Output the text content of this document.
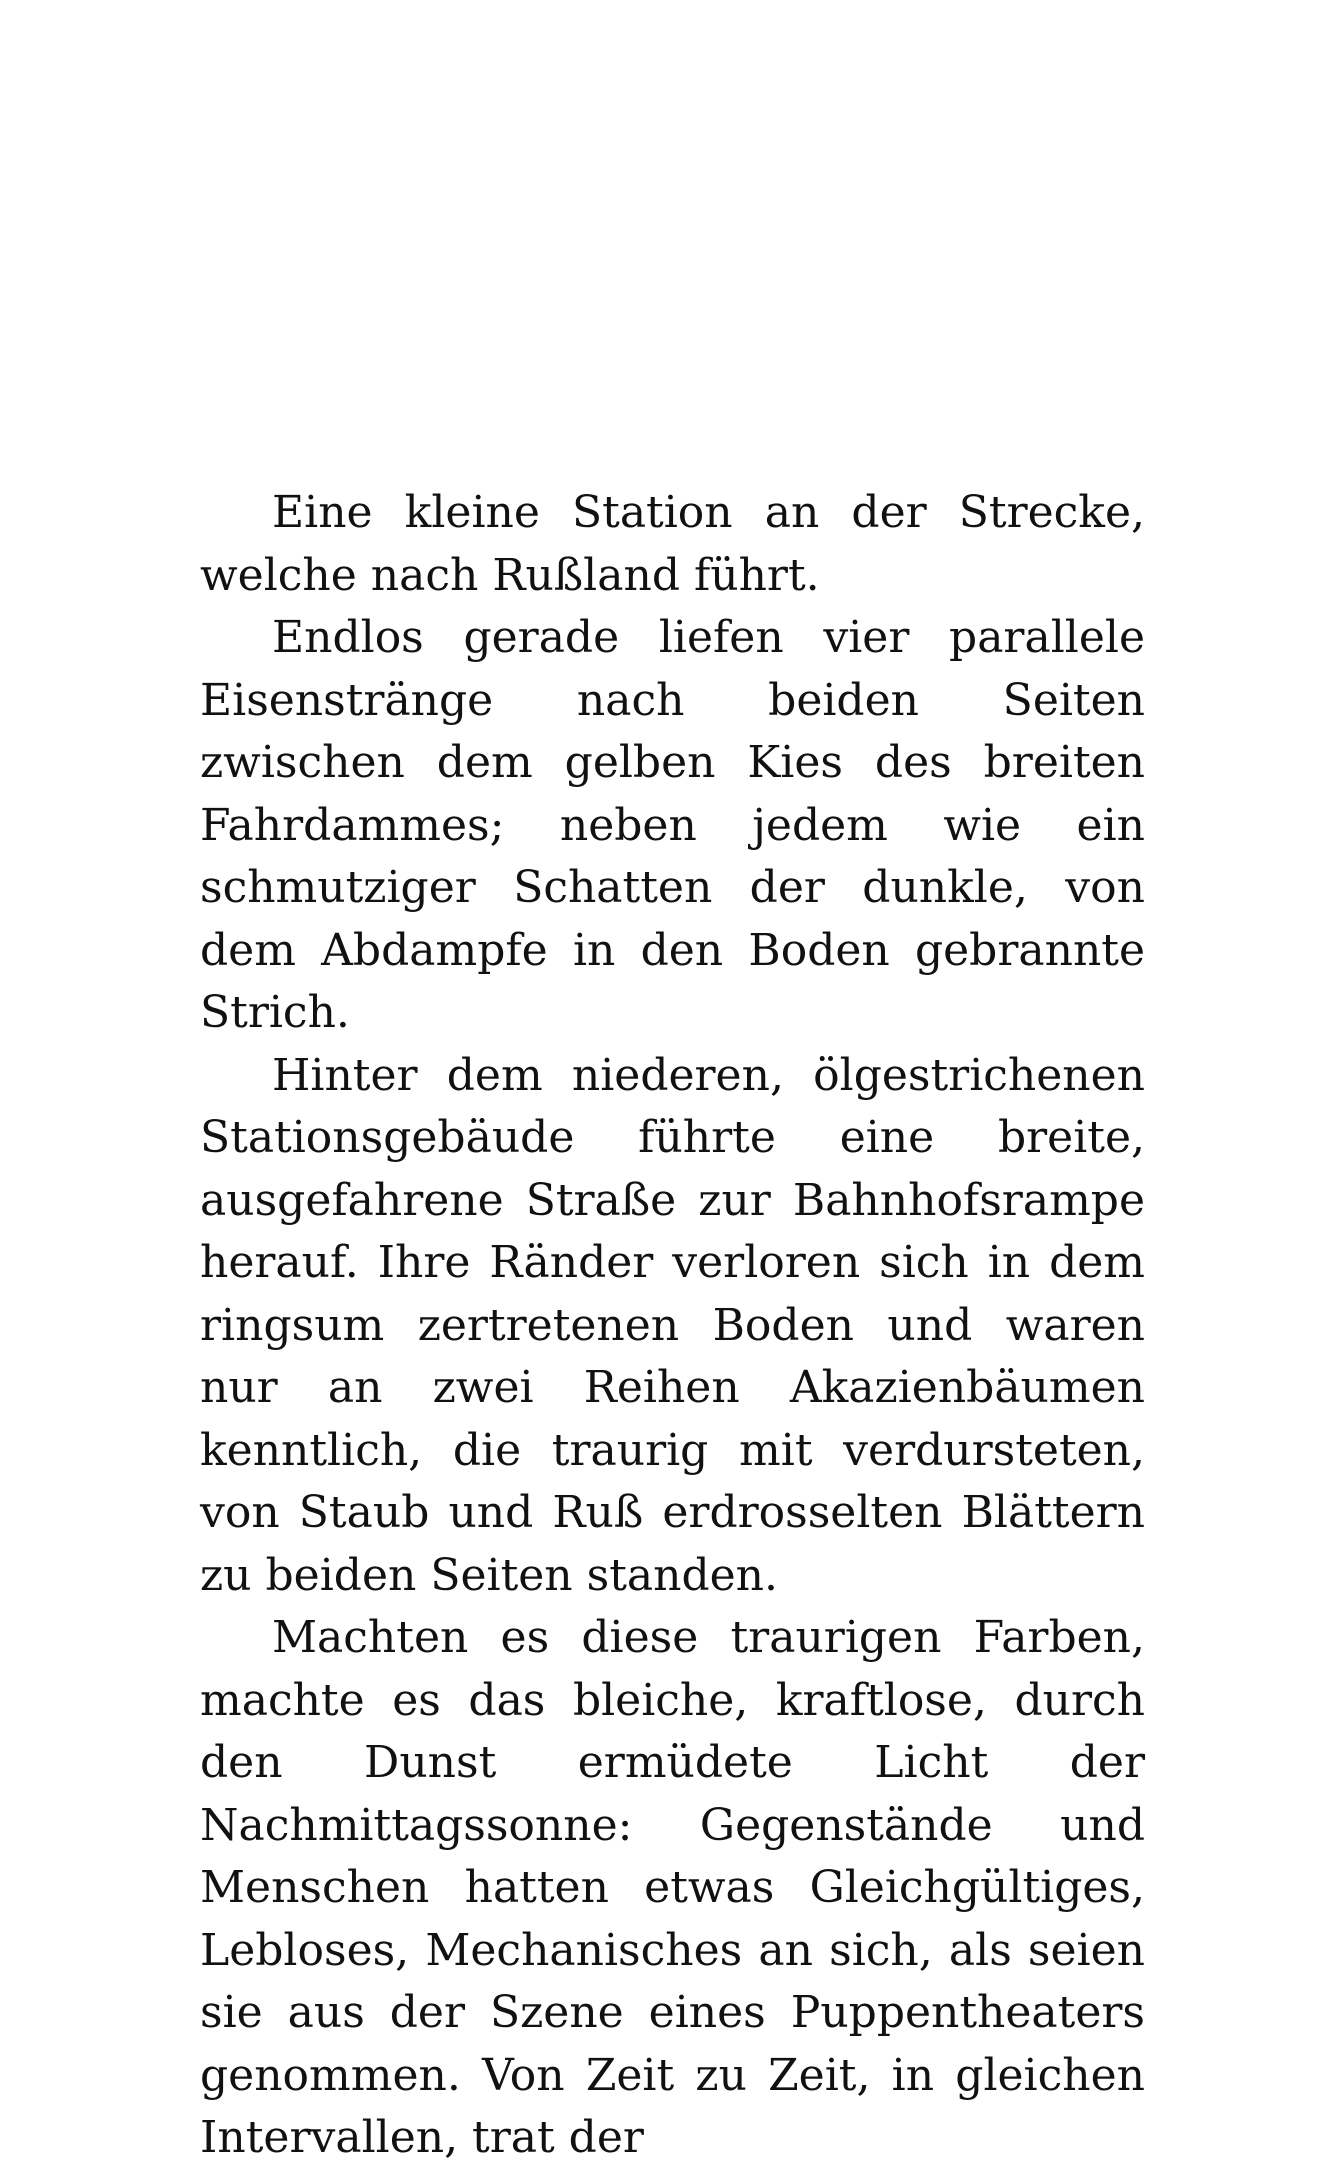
Eine kleine Station an der Strecke, welche nach Rußland führt.

Endlos gerade liefen vier parallele Eisenstränge nach beiden Seiten zwischen dem gelben Kies des breiten Fahrdammes; neben jedem wie ein schmutziger Schatten der dunkle, von dem Abdampfe in den Boden gebrannte Strich.

Hinter dem niederen, ölgestrichenen Stationsgebäude führte eine breite, ausgefahrene Straße zur Bahnhofsrampe herauf. Ihre Ränder verloren sich in dem ringsum zertretenen Boden und waren nur an zwei Reihen Akazienbäumen kenntlich, die traurig mit verdursteten, von Staub und Ruß erdrosselten Blättern zu beiden Seiten standen.

Machten es diese traurigen Farben, machte es das bleiche, kraftlose, durch den Dunst ermüdete Licht der Nachmittagssonne: Gegenstände und Menschen hatten etwas Gleichgültiges, Lebloses, Mechanisches an sich, als seien sie aus der Szene eines Puppentheaters genommen. Von Zeit zu Zeit, in gleichen Intervallen, trat der
